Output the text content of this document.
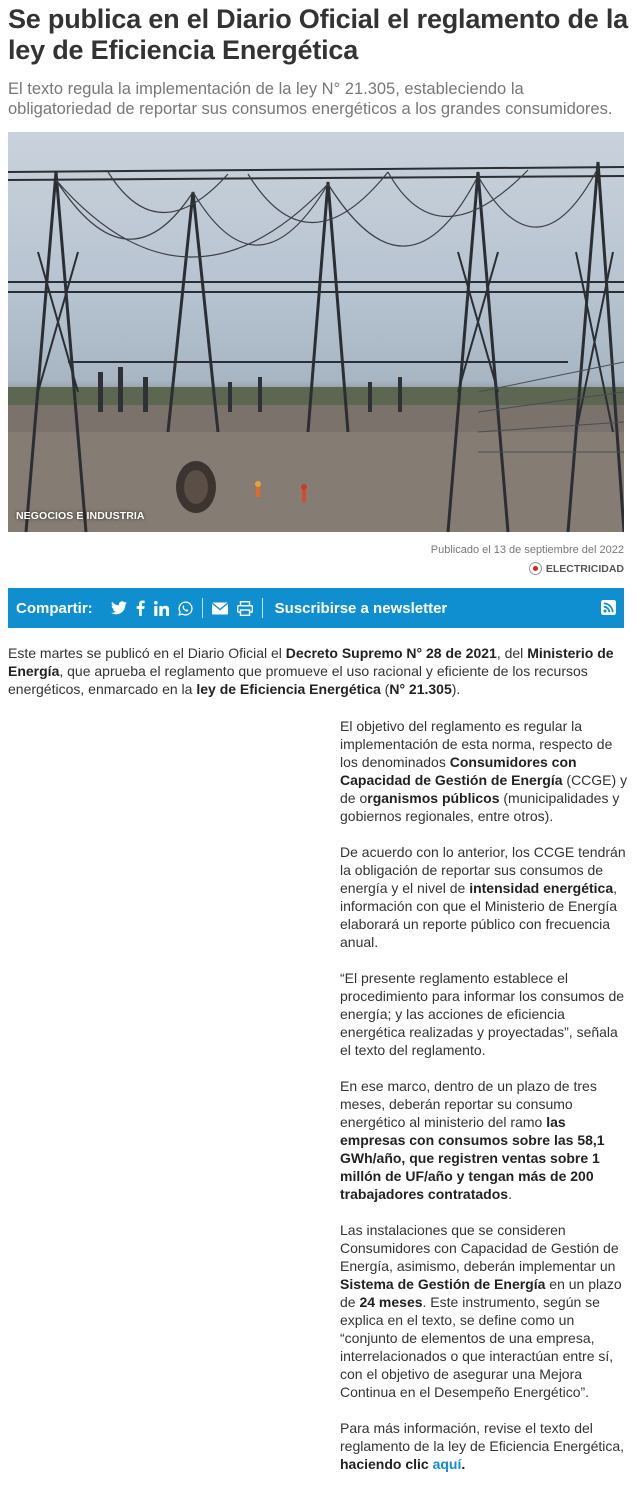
Se publica en el Diario Oficial el reglamento de la ley de Eficiencia Energética

El texto regula la implementación de la ley N° 21.305, estableciendo la obligatoriedad de reportar sus consumos energéticos a los grandes consumidores.

NEGOCIOS E INDUSTRIA
Publicado el 13 de septiembre del 2022
ELECTRICIDAD
Compartir:	Suscribirse a newsletter

Este martes se publicó en el Diario Oficial el Decreto Supremo N° 28 de 2021, del Ministerio de Energía, que aprueba el reglamento que promueve el uso racional y eficiente de los recursos energéticos, enmarcado en la ley de Eficiencia Energética (N° 21.305).

El objetivo del reglamento es regular la implementación de esta norma, respecto de los denominados Consumidores con Capacidad de Gestión de Energía (CCGE) y de organismos públicos (municipalidades y gobiernos regionales, entre otros).

De acuerdo con lo anterior, los CCGE tendrán la obligación de reportar sus consumos de energía y el nivel de intensidad energética, información con que el Ministerio de Energía elaborará un reporte público con frecuencia anual.

“El presente reglamento establece el procedimiento para informar los consumos de energía; y las acciones de eficiencia energética realizadas y proyectadas”, señala el texto del reglamento.

En ese marco, dentro de un plazo de tres meses, deberán reportar su consumo energético al ministerio del ramo las empresas con consumos sobre las 58,1 GWh/año, que registren ventas sobre 1 millón de UF/año y tengan más de 200 trabajadores contratados.

Las instalaciones que se consideren Consumidores con Capacidad de Gestión de Energía, asimismo, deberán implementar un Sistema de Gestión de Energía en un plazo de 24 meses. Este instrumento, según se explica en el texto, se define como un “conjunto de elementos de una empresa, interrelacionados o que interactúan entre sí, con el objetivo de asegurar una Mejora Continua en el Desempeño Energético”.

Para más información, revise el texto del reglamento de la ley de Eficiencia Energética, haciendo clic aquí.
